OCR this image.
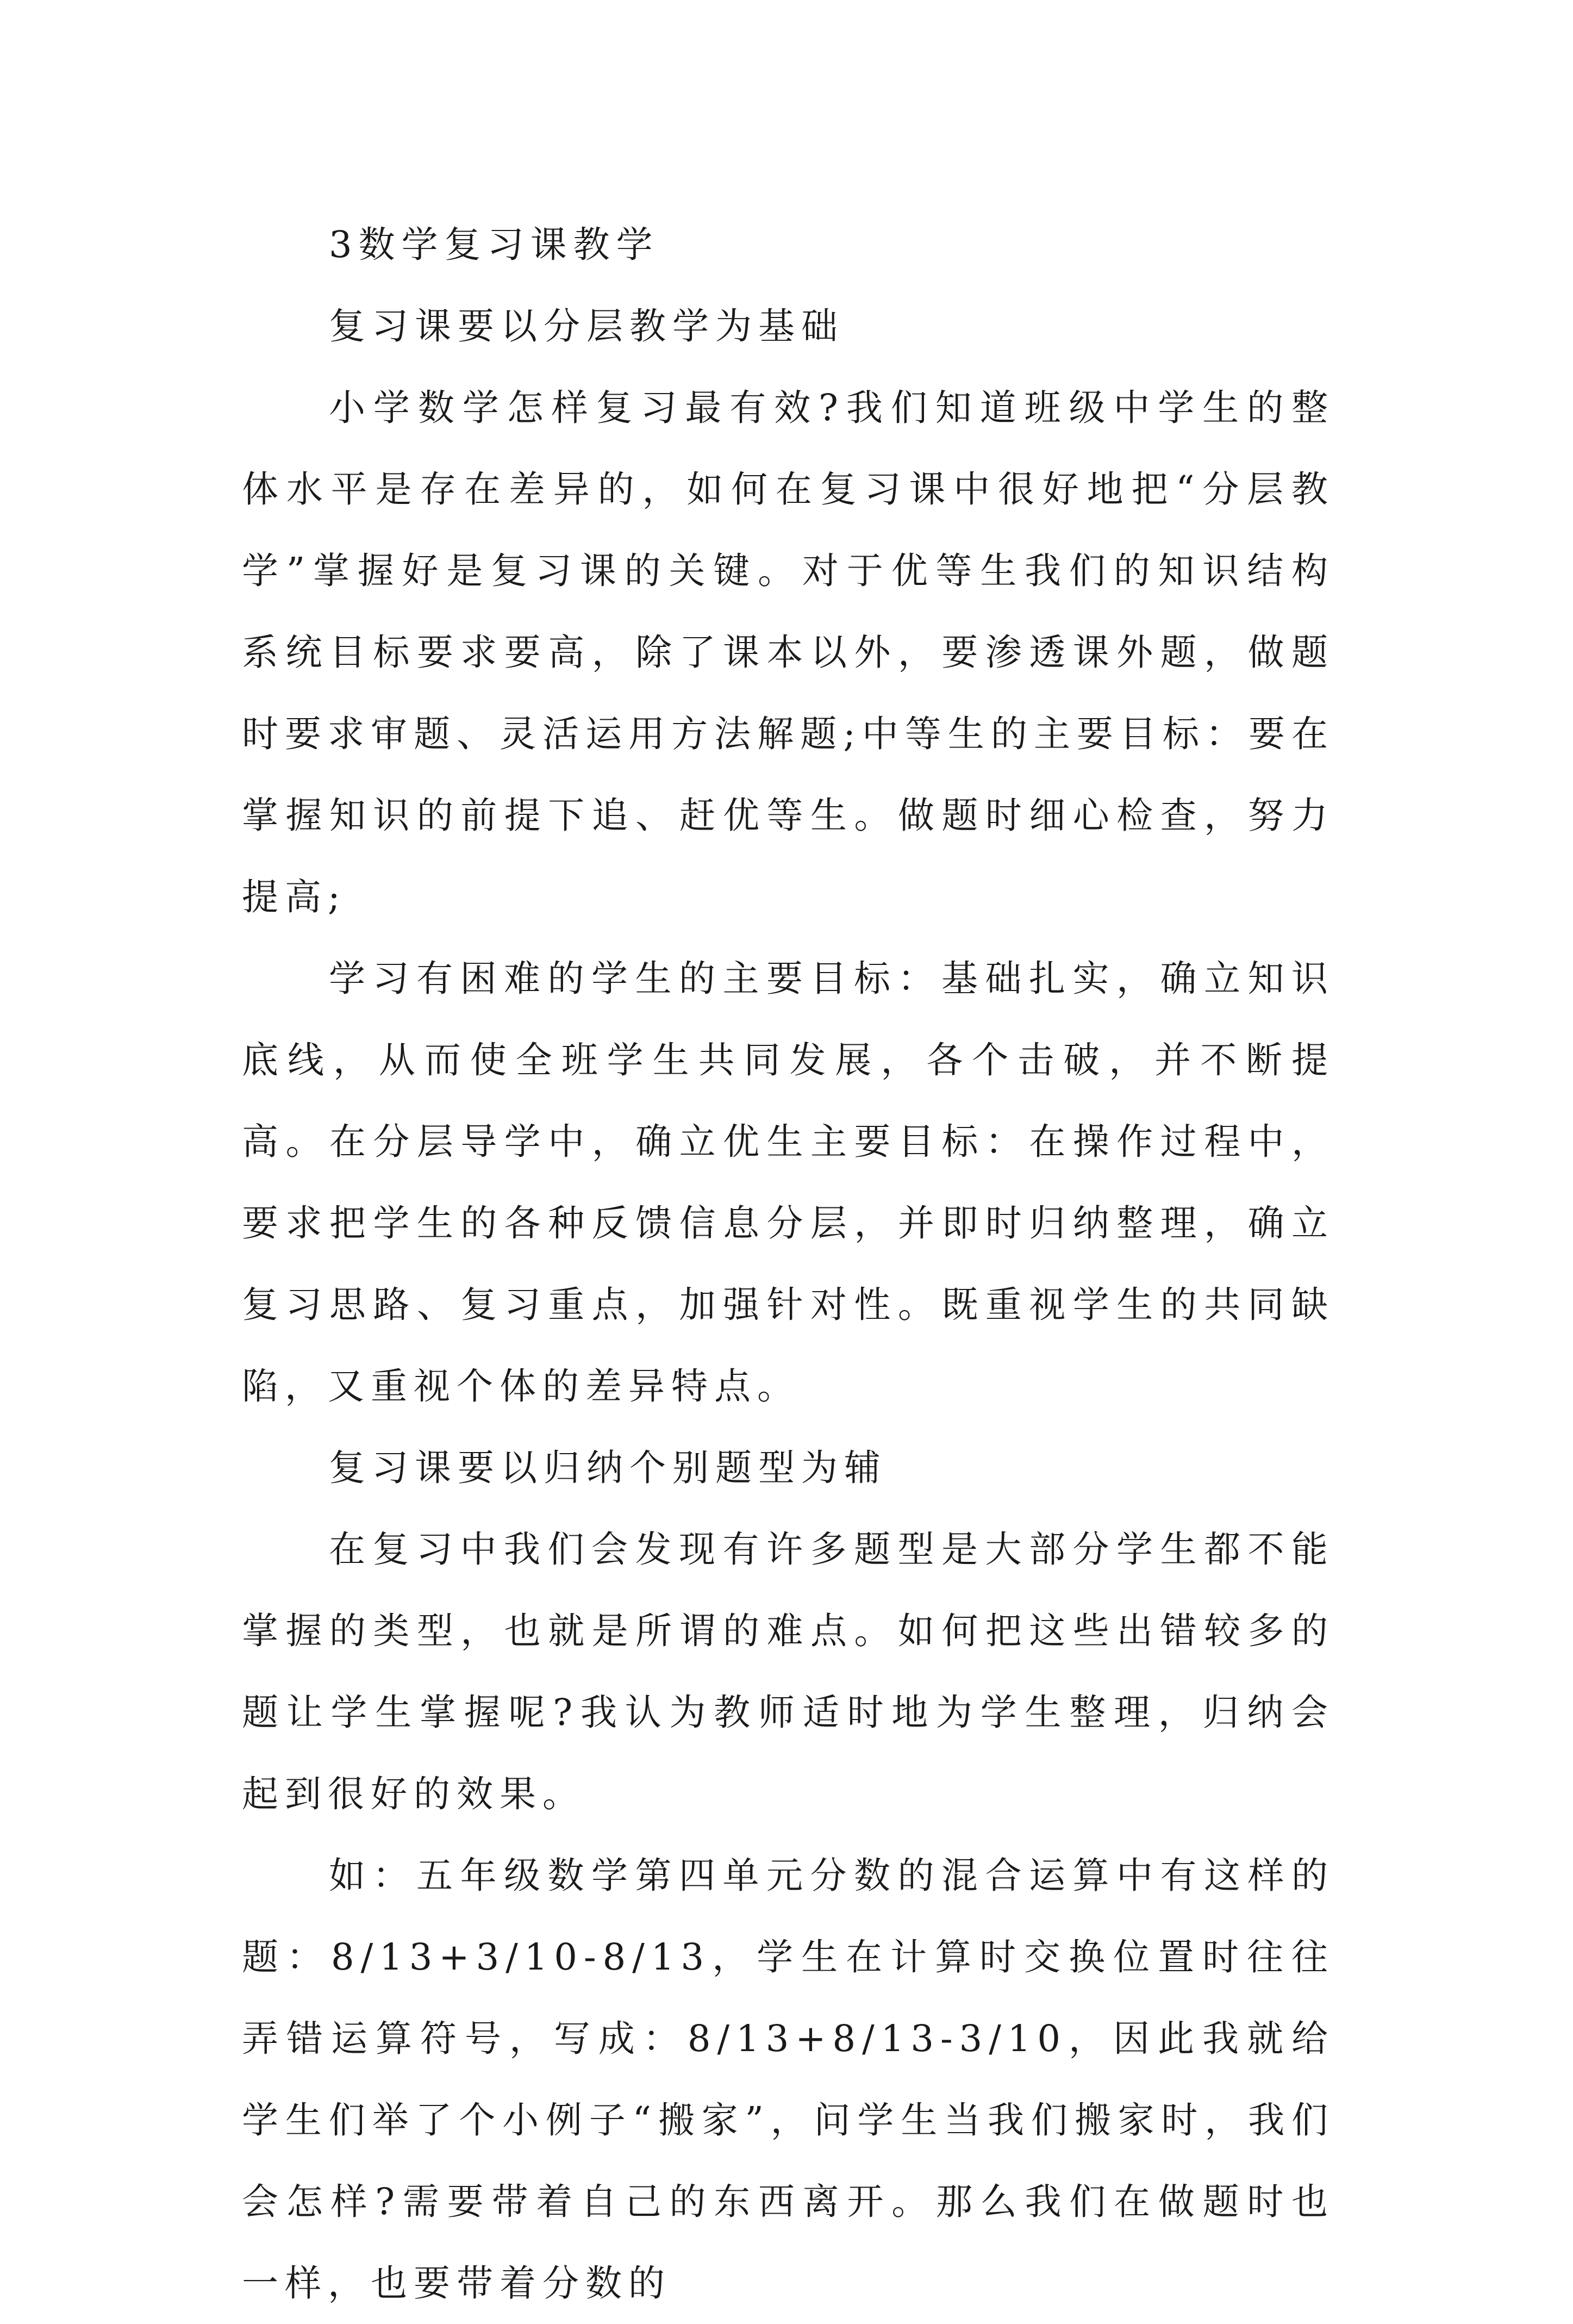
3数学复习课教学

复习课要以分层教学为基础

小学数学怎样复习最有效?我们知道班级中学生的整体水平是存在差异的，如何在复习课中很好地把“分层教学”掌握好是复习课的关键。对于优等生我们的知识结构系统目标要求要高，除了课本以外，要渗透课外题，做题时要求审题、灵活运用方法解题;中等生的主要目标：要在掌握知识的前提下追、赶优等生。做题时细心检查，努力提高;

学习有困难的学生的主要目标：基础扎实，确立知识底线，从而使全班学生共同发展，各个击破，并不断提高。在分层导学中，确立优生主要目标：在操作过程中，要求把学生的各种反馈信息分层，并即时归纳整理，确立复习思路、复习重点，加强针对性。既重视学生的共同缺陷，又重视个体的差异特点。

复习课要以归纳个别题型为辅

在复习中我们会发现有许多题型是大部分学生都不能掌握的类型，也就是所谓的难点。如何把这些出错较多的题让学生掌握呢?我认为教师适时地为学生整理，归纳会起到很好的效果。

如：五年级数学第四单元分数的混合运算中有这样的题：8/13+3/10-8/13，学生在计算时交换位置时往往弄错运算符号，写成：8/13+8/13-3/10，因此我就给学生们举了个小例子“搬家”，问学生当我们搬家时，我们会怎样?需要带着自己的东西离开。那么我们在做题时也一样，也要带着分数的
